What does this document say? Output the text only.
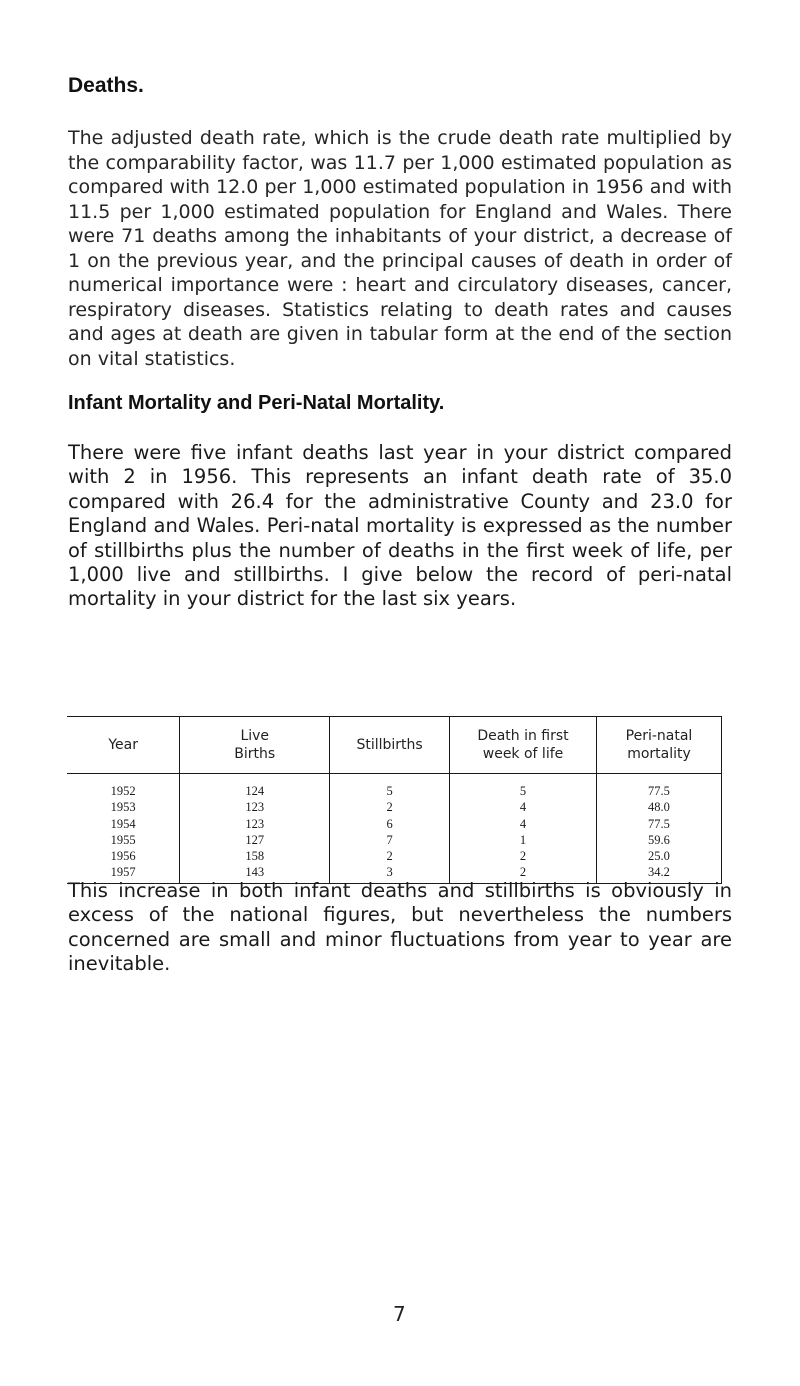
Deaths.

The adjusted death rate, which is the crude death rate multiplied by the comparability factor, was 11.7 per 1,000 estimated population as compared with 12.0 per 1,000 estimated population in 1956 and with 11.5 per 1,000 estimated population for England and Wales. There were 71 deaths among the inhabitants of your district, a decrease of 1 on the previous year, and the principal causes of death in order of numerical importance were : heart and circulatory diseases, cancer, respiratory diseases. Statistics relating to death rates and causes and ages at death are given in tabular form at the end of the section on vital statistics.

Infant Mortality and Peri-Natal Mortality.

There were five infant deaths last year in your district compared with 2 in 1956. This represents an infant death rate of 35.0 compared with 26.4 for the administrative County and 23.0 for England and Wales. Peri-natal mortality is expressed as the number of stillbirths plus the number of deaths in the first week of life, per 1,000 live and stillbirths. I give below the record of peri-natal mortality in your district for the last six years.

Year	Live Births	Stillbirths	Death in first week of life	Peri-natal mortality
1952	124	5	5	77.5
1953	123	2	4	48.0
1954	123	6	4	77.5
1955	127	7	1	59.6
1956	158	2	2	25.0
1957	143	3	2	34.2

This increase in both infant deaths and stillbirths is obviously in excess of the national figures, but nevertheless the numbers concerned are small and minor fluctuations from year to year are inevitable.

7
